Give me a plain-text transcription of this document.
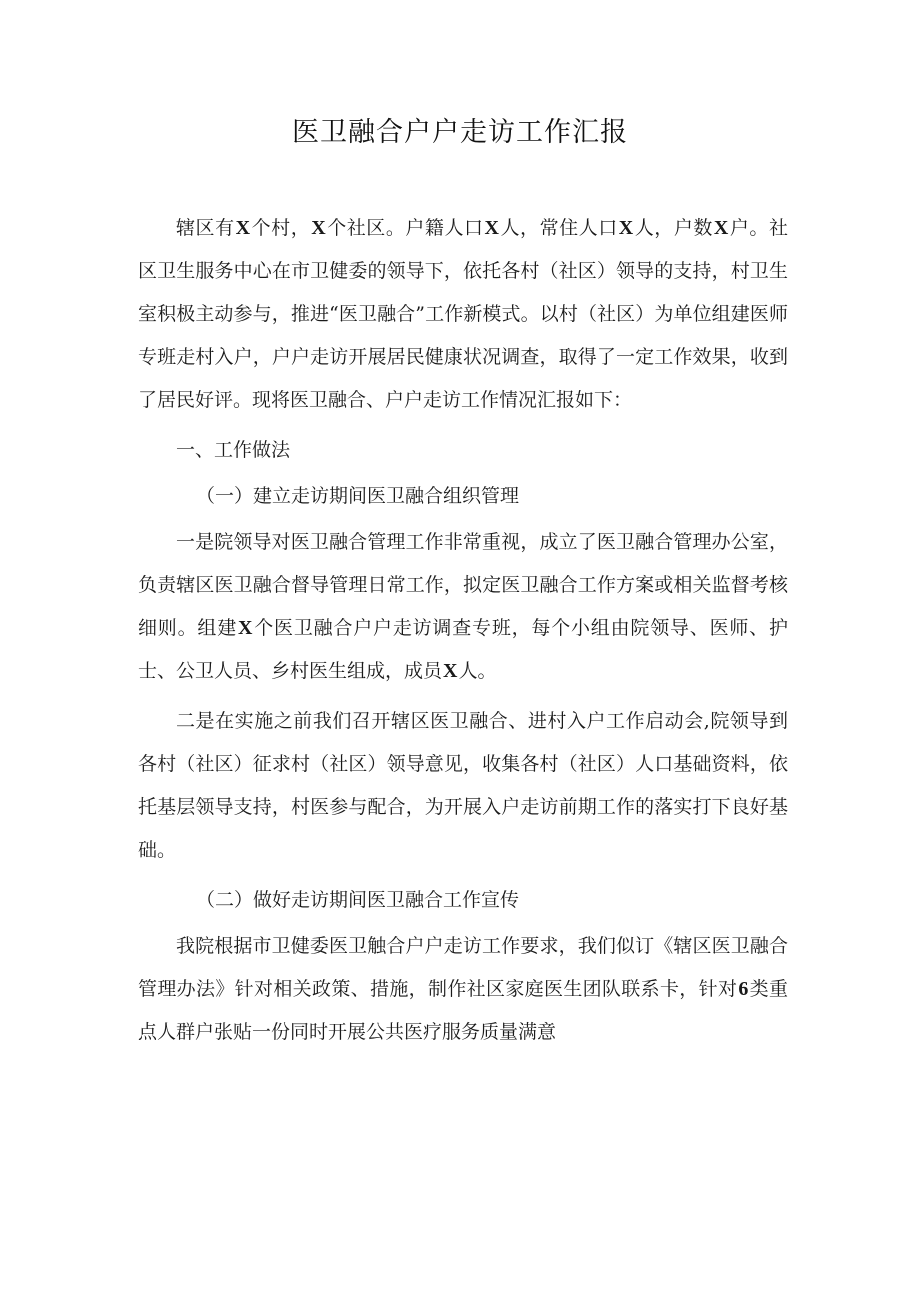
医卫融合户户走访工作汇报

辖区有X个村，X个社区。户籍人口X人，常住人口X人，户数X户。社区卫生服务中心在市卫健委的领导下，依托各村（社区）领导的支持，村卫生室积极主动参与，推进“医卫融合”工作新模式。以村（社区）为单位组建医师专班走村入户，户户走访开展居民健康状况调查，取得了一定工作效果，收到了居民好评。现将医卫融合、户户走访工作情况汇报如下：

一、工作做法

（一）建立走访期间医卫融合组织管理

一是院领导对医卫融合管理工作非常重视，成立了医卫融合管理办公室，负责辖区医卫融合督导管理日常工作，拟定医卫融合工作方案或相关监督考核细则。组建X个医卫融合户户走访调查专班，每个小组由院领导、医师、护士、公卫人员、乡村医生组成，成员X人。

二是在实施之前我们召开辖区医卫融合、进村入户工作启动会,院领导到各村（社区）征求村（社区）领导意见，收集各村（社区）人口基础资料，依托基层领导支持，村医参与配合，为开展入户走访前期工作的落实打下良好基础。

（二）做好走访期间医卫融合工作宣传

我院根据市卫健委医卫触合户户走访工作要求，我们似订《辖区医卫融合管理办法》针对相关政策、措施，制作社区家庭医生团队联系卡，针对6类重点人群户张贴一份同时开展公共医疗服务质量满意
